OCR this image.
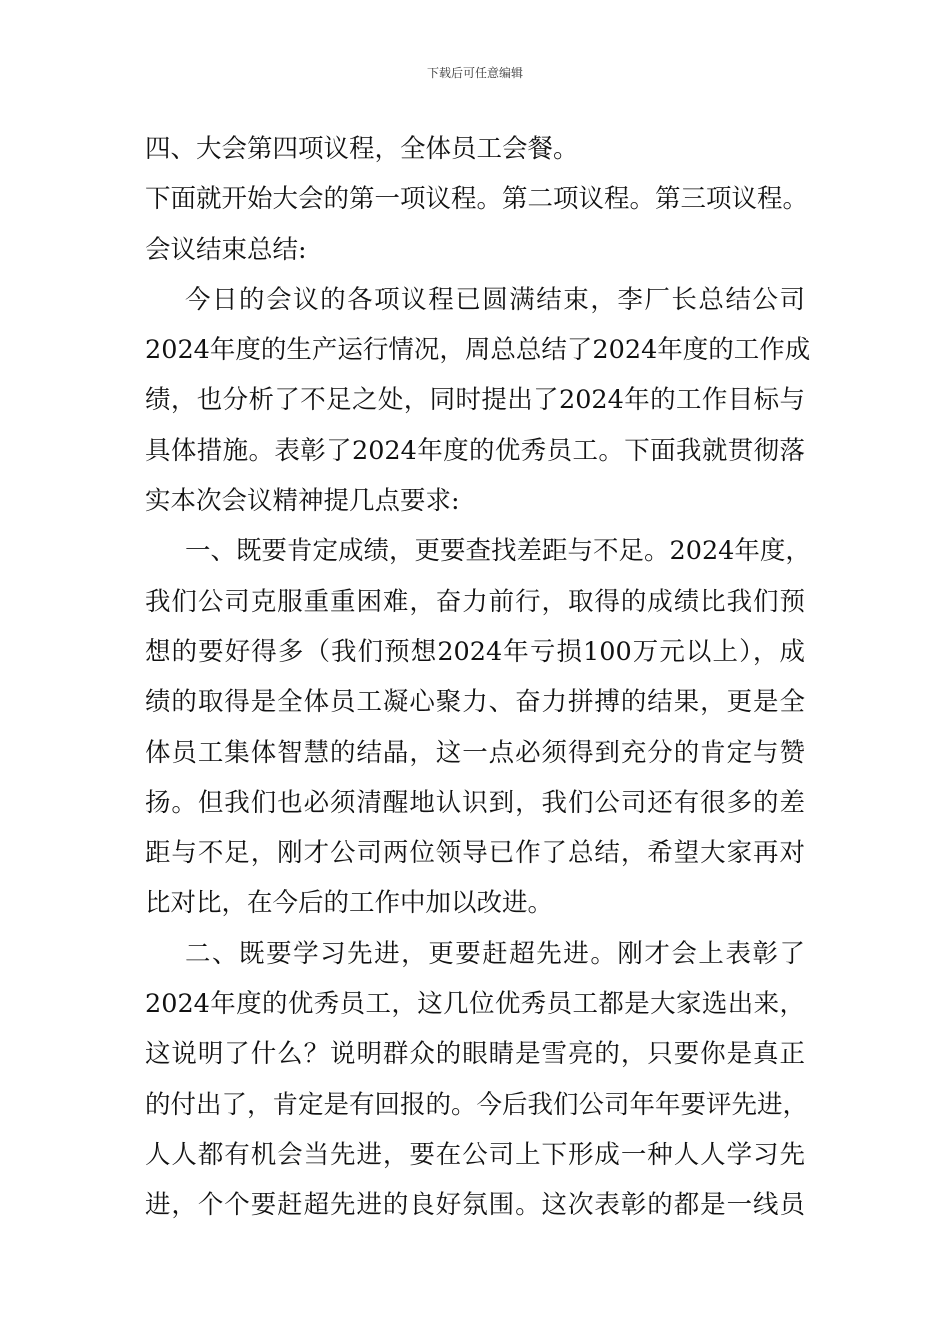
下载后可任意编辑
四、大会第四项议程，全体员工会餐。
下面就开始大会的第一项议程。第二项议程。第三项议程。
会议结束总结:
今日的会议的各项议程已圆满结束，李厂长总结公司
2024年度的生产运行情况，周总总结了2024年度的工作成
绩，也分析了不足之处，同时提出了2024年的工作目标与
具体措施。表彰了2024年度的优秀员工。下面我就贯彻落
实本次会议精神提几点要求:
一、既要肯定成绩，更要查找差距与不足。2024年度，
我们公司克服重重困难，奋力前行，取得的成绩比我们预
想的要好得多（我们预想2024年亏损100万元以上），成
绩的取得是全体员工凝心聚力、奋力拼搏的结果，更是全
体员工集体智慧的结晶，这一点必须得到充分的肯定与赞
扬。但我们也必须清醒地认识到，我们公司还有很多的差
距与不足，刚才公司两位领导已作了总结，希望大家再对
比对比，在今后的工作中加以改进。
二、既要学习先进，更要赶超先进。刚才会上表彰了
2024年度的优秀员工，这几位优秀员工都是大家选出来，
这说明了什么？说明群众的眼睛是雪亮的，只要你是真正
的付出了，肯定是有回报的。今后我们公司年年要评先进，
人人都有机会当先进，要在公司上下形成一种人人学习先
进，个个要赶超先进的良好氛围。这次表彰的都是一线员
